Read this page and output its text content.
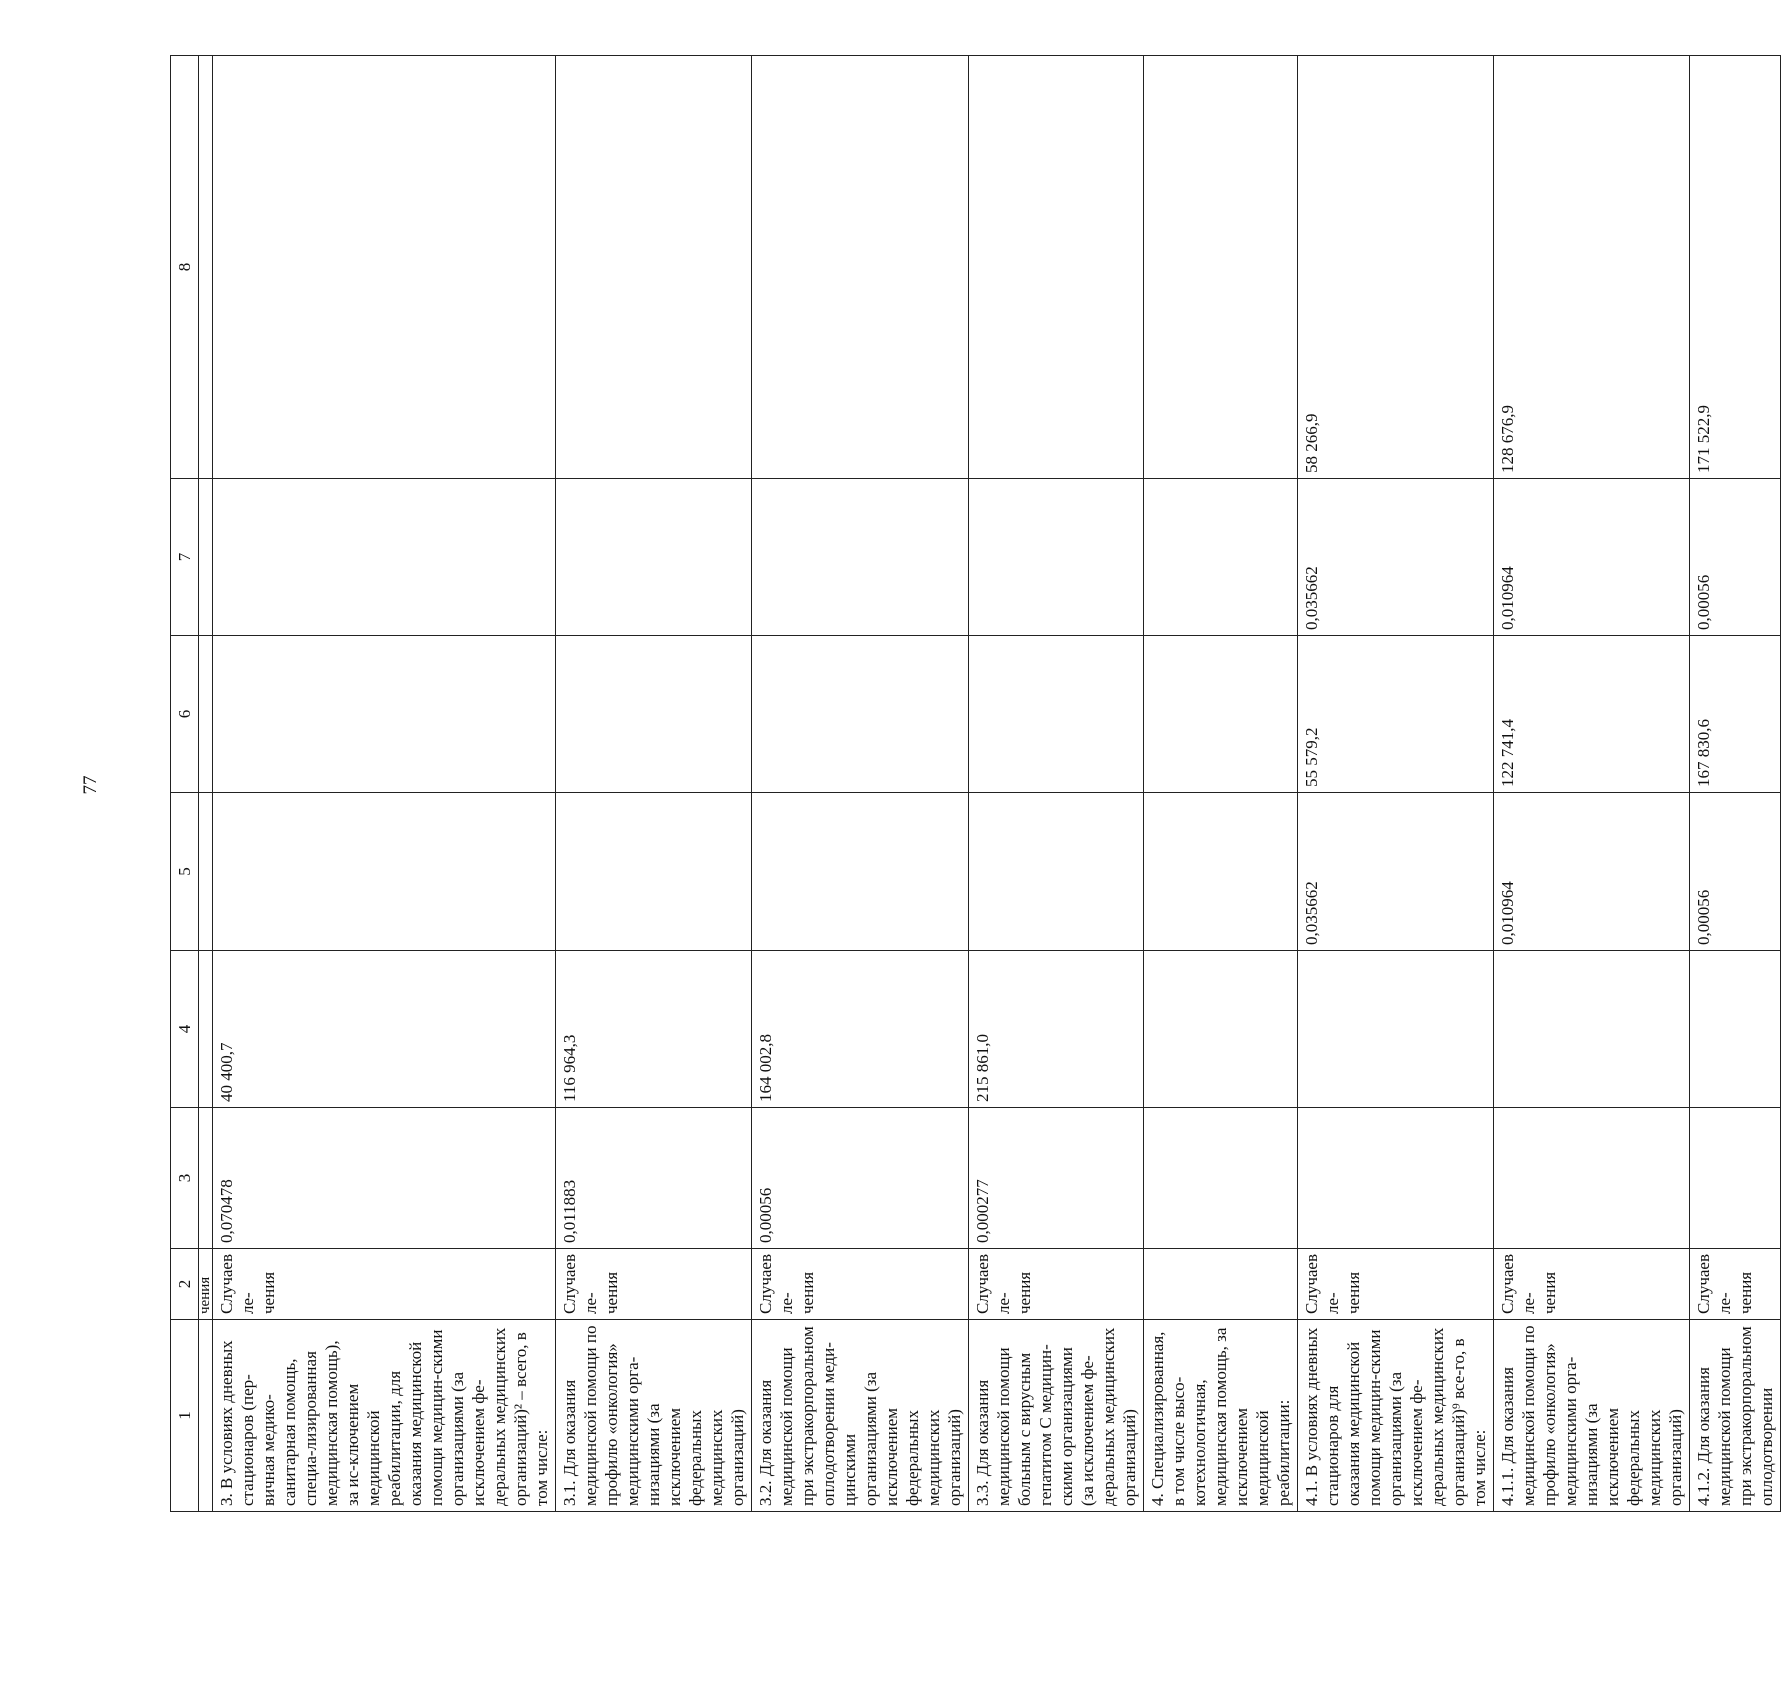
77
1	2	3	4	5	6	7	8
	чения						
3. В условиях дневных стационаров (пер-вичная медико-санитарная помощь, специа-лизированная медицинская помощь), за ис-ключением медицинской реабилитации, для оказания медицинской помощи медицин-скими организациями (за исключением фе-деральных медицинских организаций)² – всего, в том числе:	Случаев ле-чения	0,070478	40 400,7				
3.1. Для оказания медицинской помощи по профилю «онкология» медицинскими орга-низациями (за исключением федеральных медицинских организаций)	Случаев ле-чения	0,011883	116 964,3				
3.2. Для оказания медицинской помощи при экстракорпоральном оплодотворении меди-цинскими организациями (за исключением федеральных медицинских организаций)	Случаев ле-чения	0,00056	164 002,8				
3.3. Для оказания медицинской помощи больным с вирусным гепатитом С медицин-скими организациями (за исключением фе-деральных медицинских организаций)	Случаев ле-чения	0,000277	215 861,0				
4. Специализированная, в том числе высо-котехнологичная, медицинская помощь, за исключением медицинской реабилитации:							
4.1. В условиях дневных стационаров для оказания медицинской помощи медицин-скими организациями (за исключением фе-деральных медицинских организаций)⁹ все-го, в том числе:	Случаев ле-чения			0,035662	55 579,2	0,035662	58 266,9
4.1.1. Для оказания медицинской помощи по профилю «онкология» медицинскими орга-низациями (за исключением федеральных медицинских организаций)	Случаев ле-чения			0,010964	122 741,4	0,010964	128 676,9
4.1.2. Для оказания медицинской помощи при экстракорпоральном оплодотворении	Случаев ле-чения			0,00056	167 830,6	0,00056	171 522,9
